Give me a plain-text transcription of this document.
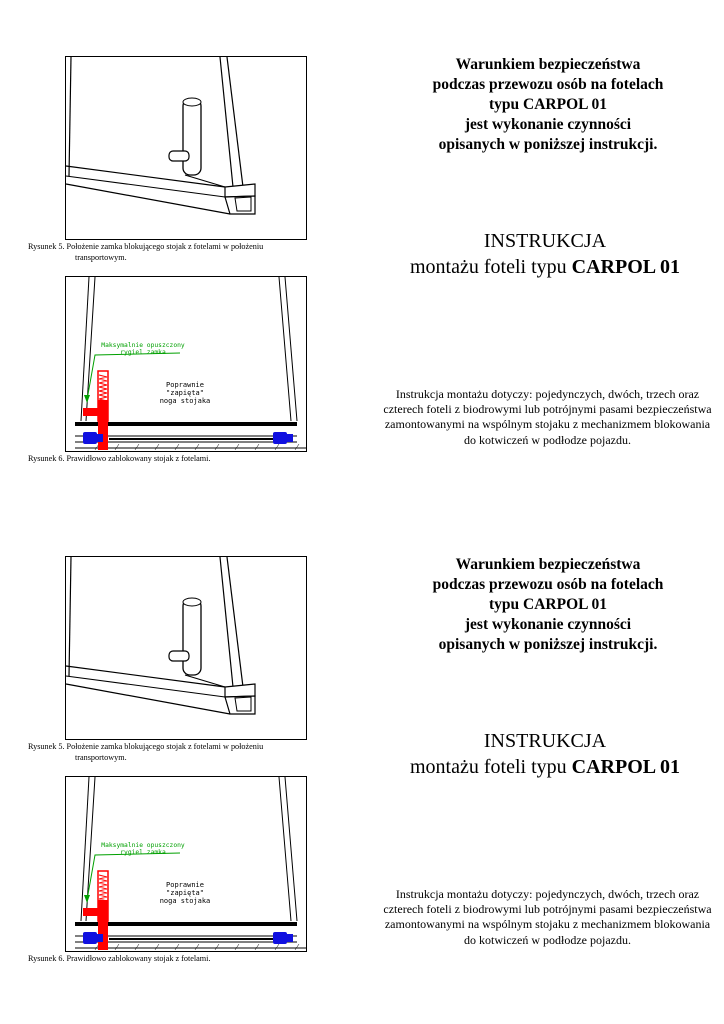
Rysunek 5. Położenie zamka blokującego stojak z fotelami w położeniu
transportowym.
Maksymalnie opuszczony
rygiel zamka
Poprawnie
"zapięta"
noga stojaka
Rysunek 6. Prawidłowo zablokowany stojak z fotelami.
Warunkiem bezpieczeństwa
podczas przewozu osób na fotelach
typu CARPOL 01
jest wykonanie czynności
opisanych w poniższej instrukcji.
INSTRUKCJA
montażu foteli typu CARPOL 01
Instrukcja montażu dotyczy: pojedynczych, dwóch, trzech oraz czterech foteli z biodrowymi lub potrójnymi pasami bezpieczeństwa zamontowanymi na wspólnym stojaku z mechanizmem blokowania do kotwiczeń w podłodze pojazdu.
Rysunek 5. Położenie zamka blokującego stojak z fotelami w położeniu
transportowym.
Maksymalnie opuszczony
rygiel zamka
Poprawnie
"zapięta"
noga stojaka
Rysunek 6. Prawidłowo zablokowany stojak z fotelami.
Warunkiem bezpieczeństwa
podczas przewozu osób na fotelach
typu CARPOL 01
jest wykonanie czynności
opisanych w poniższej instrukcji.
INSTRUKCJA
montażu foteli typu CARPOL 01
Instrukcja montażu dotyczy: pojedynczych, dwóch, trzech oraz czterech foteli z biodrowymi lub potrójnymi pasami bezpieczeństwa zamontowanymi na wspólnym stojaku z mechanizmem blokowania do kotwiczeń w podłodze pojazdu.
